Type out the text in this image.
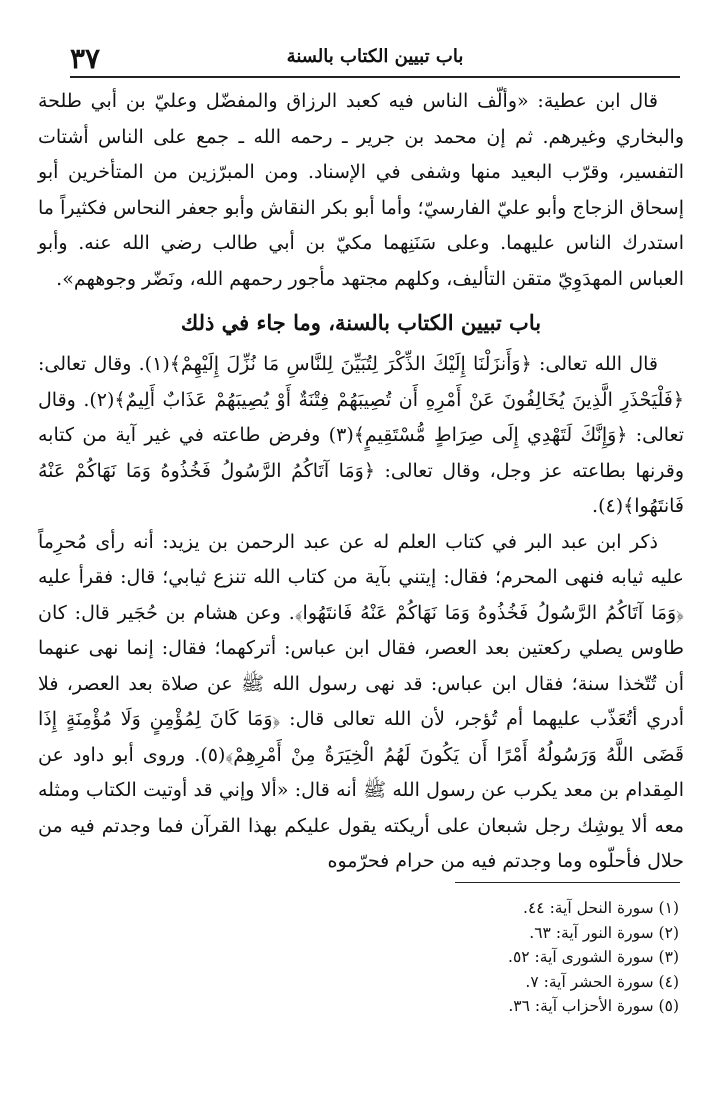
باب تبيين الكتاب بالسنة
٣٧

قال ابن عطية: «وألّف الناس فيه كعبد الرزاق والمفضّل وعليّ بن أبي طلحة والبخاري وغيرهم. ثم إن محمد بن جرير ـ رحمه الله ـ جمع على الناس أشتات التفسير، وقرّب البعيد منها وشفى في الإسناد. ومن المبرّزين من المتأخرين أبو إسحاق الزجاج وأبو عليّ الفارسيّ؛ وأما أبو بكر النقاش وأبو جعفر النحاس فكثيراً ما استدرك الناس عليهما. وعلى سَنَنِهما مكيّ بن أبي طالب رضي الله عنه. وأبو العباس المهدَوِيّ متقن التأليف، وكلهم مجتهد مأجور رحمهم الله، ونَضّر وجوههم».

باب تبيين الكتاب بالسنة، وما جاء في ذلك

قال الله تعالى: ﴿وَأَنزَلْنَا إِلَيْكَ الذِّكْرَ لِتُبَيِّنَ لِلنَّاسِ مَا نُزِّلَ إِلَيْهِمْ﴾(١). وقال تعالى: ﴿فَلْيَحْذَرِ الَّذِينَ يُخَالِفُونَ عَنْ أَمْرِهِ أَن تُصِيبَهُمْ فِتْنَةٌ أَوْ يُصِيبَهُمْ عَذَابٌ أَلِيمٌ﴾(٢). وقال تعالى: ﴿وَإِنَّكَ لَتَهْدِي إِلَى صِرَاطٍ مُّسْتَقِيمٍ﴾(٣) وفرض طاعته في غير آية من كتابه وقرنها بطاعته عز وجل، وقال تعالى: ﴿وَمَا آتَاكُمُ الرَّسُولُ فَخُذُوهُ وَمَا نَهَاكُمْ عَنْهُ فَانتَهُوا﴾(٤).

ذكر ابن عبد البر في كتاب العلم له عن عبد الرحمن بن يزيد: أنه رأى مُحرِماً عليه ثيابه فنهى المحرم؛ فقال: إيتني بآية من كتاب الله تنزع ثيابي؛ قال: فقرأ عليه ﴿وَمَا آتَاكُمُ الرَّسُولُ فَخُذُوهُ وَمَا نَهَاكُمْ عَنْهُ فَانتَهُوا﴾. وعن هشام بن حُجَير قال: كان طاوس يصلي ركعتين بعد العصر، فقال ابن عباس: أتركهما؛ فقال: إنما نهى عنهما أن تُتّخذا سنة؛ فقال ابن عباس: قد نهى رسول الله ﷺ عن صلاة بعد العصر، فلا أدري أتُعَذّب عليهما أم تُؤجر، لأن الله تعالى قال: ﴿وَمَا كَانَ لِمُؤْمِنٍ وَلَا مُؤْمِنَةٍ إِذَا قَضَى اللَّهُ وَرَسُولُهُ أَمْرًا أَن يَكُونَ لَهُمُ الْخِيَرَةُ مِنْ أَمْرِهِمْ﴾(٥). وروى أبو داود عن المِقدام بن معد يكرب عن رسول الله ﷺ أنه قال: «ألا وإني قد أوتيت الكتاب ومثله معه ألا يوشِك رجل شبعان على أريكته يقول عليكم بهذا القرآن فما وجدتم فيه من حلال فأحلّوه وما وجدتم فيه من حرام فحرّموه

(١) سورة النحل آية: ٤٤.
(٢) سورة النور آية: ٦٣.
(٣) سورة الشورى آية: ٥٢.
(٤) سورة الحشر آية: ٧.
(٥) سورة الأحزاب آية: ٣٦.
